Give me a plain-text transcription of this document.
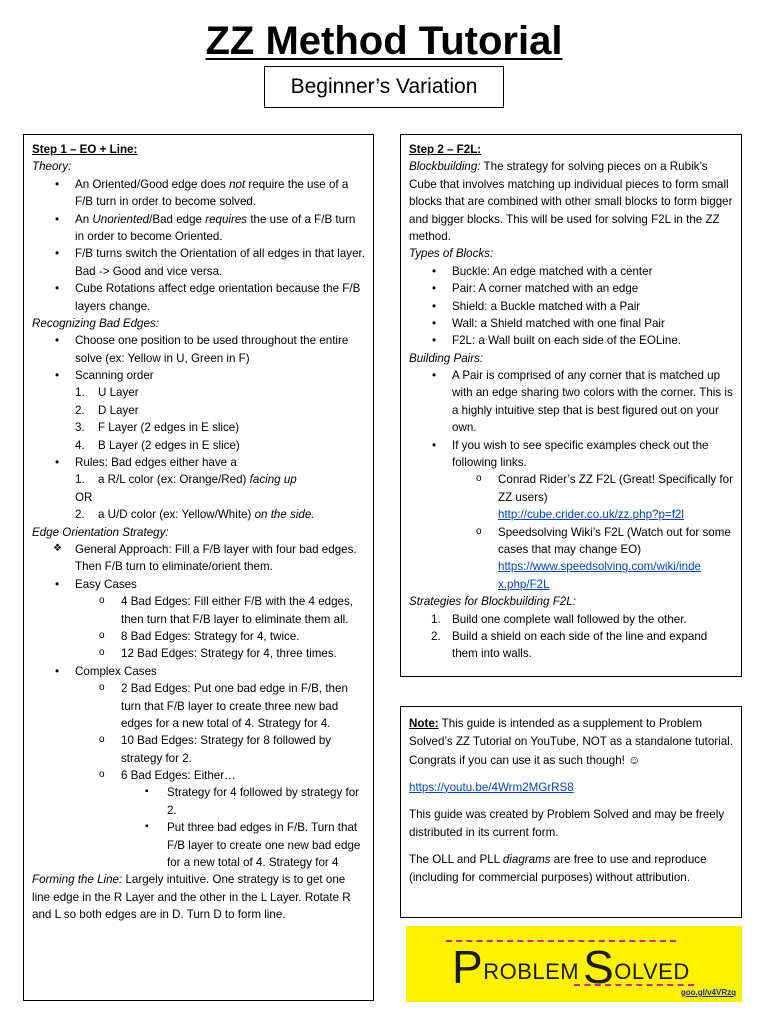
ZZ Method Tutorial
Beginner’s Variation
Step 1 – EO + Line:
Theory:
• An Oriented/Good edge does not require the use of a F/B turn in order to become solved.
• An Unoriented/Bad edge requires the use of a F/B turn in order to become Oriented.
• F/B turns switch the Orientation of all edges in that layer. Bad -> Good and vice versa.
• Cube Rotations affect edge orientation because the F/B layers change.
Recognizing Bad Edges:
• Choose one position to be used throughout the entire solve (ex: Yellow in U, Green in F)
• Scanning order
1. U Layer
2. D Layer
3. F Layer (2 edges in E slice)
4. B Layer (2 edges in E slice)
• Rules: Bad edges either have a
1. a R/L color (ex: Orange/Red) facing up
OR
2. a U/D color (ex: Yellow/White) on the side.
Edge Orientation Strategy:
❖ General Approach: Fill a F/B layer with four bad edges. Then F/B turn to eliminate/orient them.
• Easy Cases
o 4 Bad Edges: Fill either F/B with the 4 edges, then turn that F/B layer to eliminate them all.
o 8 Bad Edges: Strategy for 4, twice.
o 12 Bad Edges: Strategy for 4, three times.
• Complex Cases
o 2 Bad Edges: Put one bad edge in F/B, then turn that F/B layer to create three new bad edges for a new total of 4. Strategy for 4.
o 10 Bad Edges: Strategy for 8 followed by strategy for 2.
o 6 Bad Edges: Either…
▪ Strategy for 4 followed by strategy for 2.
▪ Put three bad edges in F/B. Turn that F/B layer to create one new bad edge for a new total of 4. Strategy for 4
Forming the Line: Largely intuitive. One strategy is to get one line edge in the R Layer and the other in the L Layer. Rotate R and L so both edges are in D. Turn D to form line.
Step 2 – F2L:
Blockbuilding: The strategy for solving pieces on a Rubik’s Cube that involves matching up individual pieces to form small blocks that are combined with other small blocks to form bigger and bigger blocks. This will be used for solving F2L in the ZZ method.
Types of Blocks:
• Buckle: An edge matched with a center
• Pair: A corner matched with an edge
• Shield: a Buckle matched with a Pair
• Wall: a Shield matched with one final Pair
• F2L: a Wall built on each side of the EOLine.
Building Pairs:
• A Pair is comprised of any corner that is matched up with an edge sharing two colors with the corner. This is a highly intuitive step that is best figured out on your own.
• If you wish to see specific examples check out the following links.
o Conrad Rider’s ZZ F2L (Great! Specifically for ZZ users)
http://cube.crider.co.uk/zz.php?p=f2l
o Speedsolving Wiki’s F2L (Watch out for some cases that may change EO)
https://www.speedsolving.com/wiki/inde
x.php/F2L
Strategies for Blockbuilding F2L:
1. Build one complete wall followed by the other.
2. Build a shield on each side of the line and expand them into walls.

Note: This guide is intended as a supplement to Problem Solved’s ZZ Tutorial on YouTube, NOT as a standalone tutorial. Congrats if you can use it as such though! ☺

https://youtu.be/4Wrm2MGrRS8

This guide was created by Problem Solved and may be freely distributed in its current form.

The OLL and PLL diagrams are free to use and reproduce (including for commercial purposes) without attribution.

PROBLEMSOLVED
goo.gl/v4VRzq
